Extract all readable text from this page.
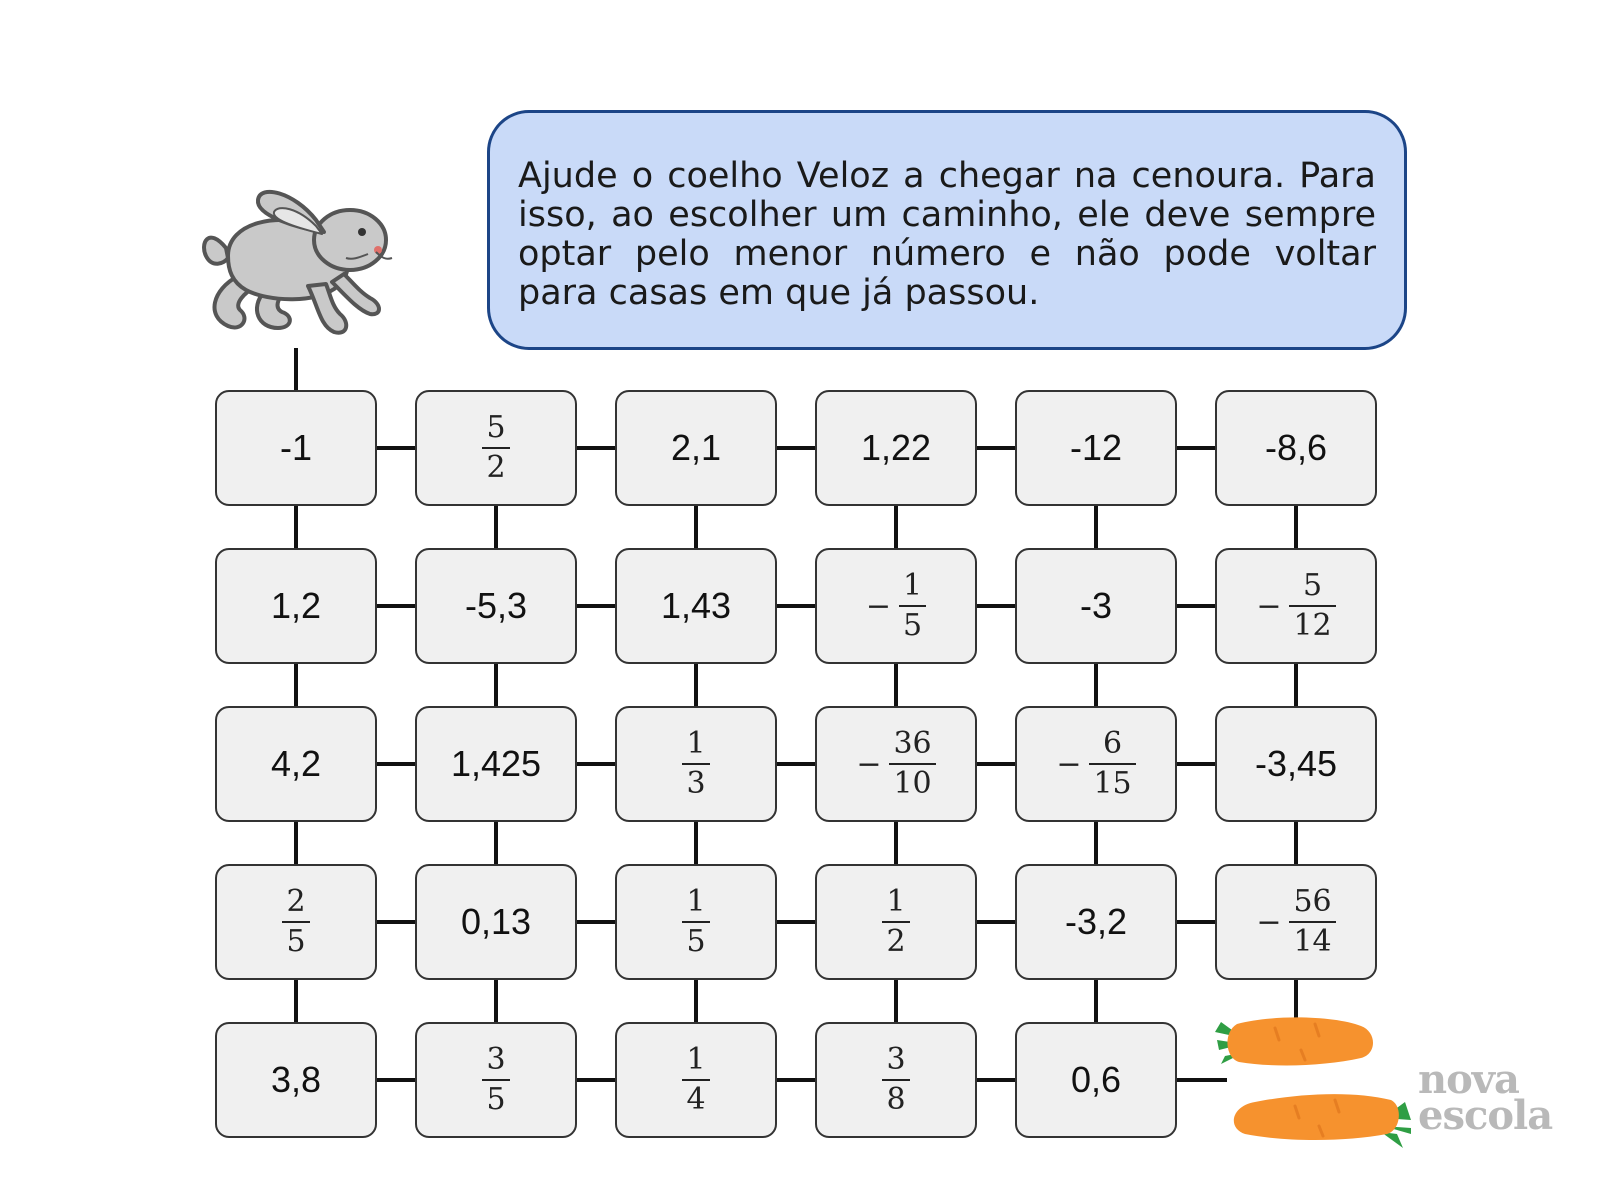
Ajude o coelho Veloz a chegar na cenoura. Para isso, ao escolher um caminho, ele deve sempre optar pelo menor número e não pode voltar para casas em que já passou.
-1	$\frac{5}{2}$	2,1	1,22	-12	-8,6
1,2	-5,3	1,43	− $\frac{1}{5}$	-3	− $\frac{5}{12}$
4,2	1,425	$\frac{1}{3}$	− $\frac{36}{10}$	− $\frac{6}{15}$	-3,45
$\frac{2}{5}$	0,13	$\frac{1}{5}$	$\frac{1}{2}$	-3,2	− $\frac{56}{14}$
3,8	$\frac{3}{5}$	$\frac{1}{4}$	$\frac{3}{8}$	0,6	nova
escola
